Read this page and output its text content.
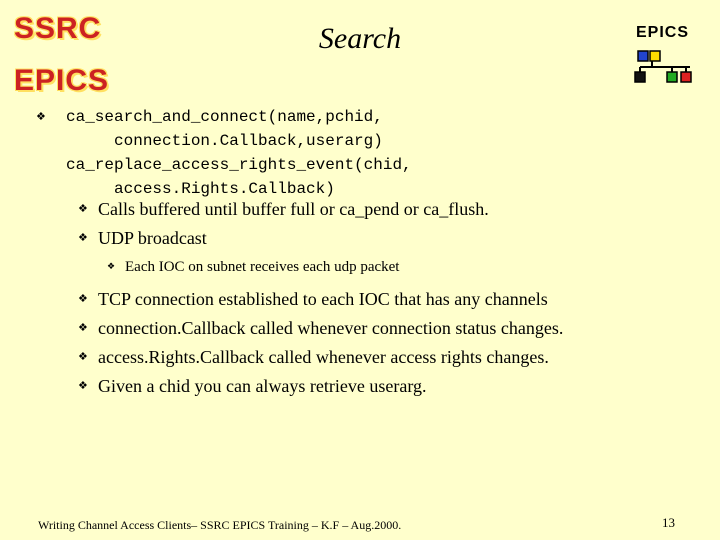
SSRC
EPICS
Search	EPICS
❖ ca_search_and_connect(name,pchid,
connection.Callback,userarg)
ca_replace_access_rights_event(chid,
access.Rights.Callback)
❖ Calls buffered until buffer full or ca_pend or ca_flush.
❖ UDP broadcast
❖ Each IOC on subnet receives each udp packet
❖ TCP connection established to each IOC that has any channels
❖ connection.Callback called whenever connection status changes.
❖ access.Rights.Callback called whenever access rights changes.
❖ Given a chid you can always retrieve userarg.
Writing Channel Access Clients– SSRC EPICS Training – K.F – Aug.2000.	13
